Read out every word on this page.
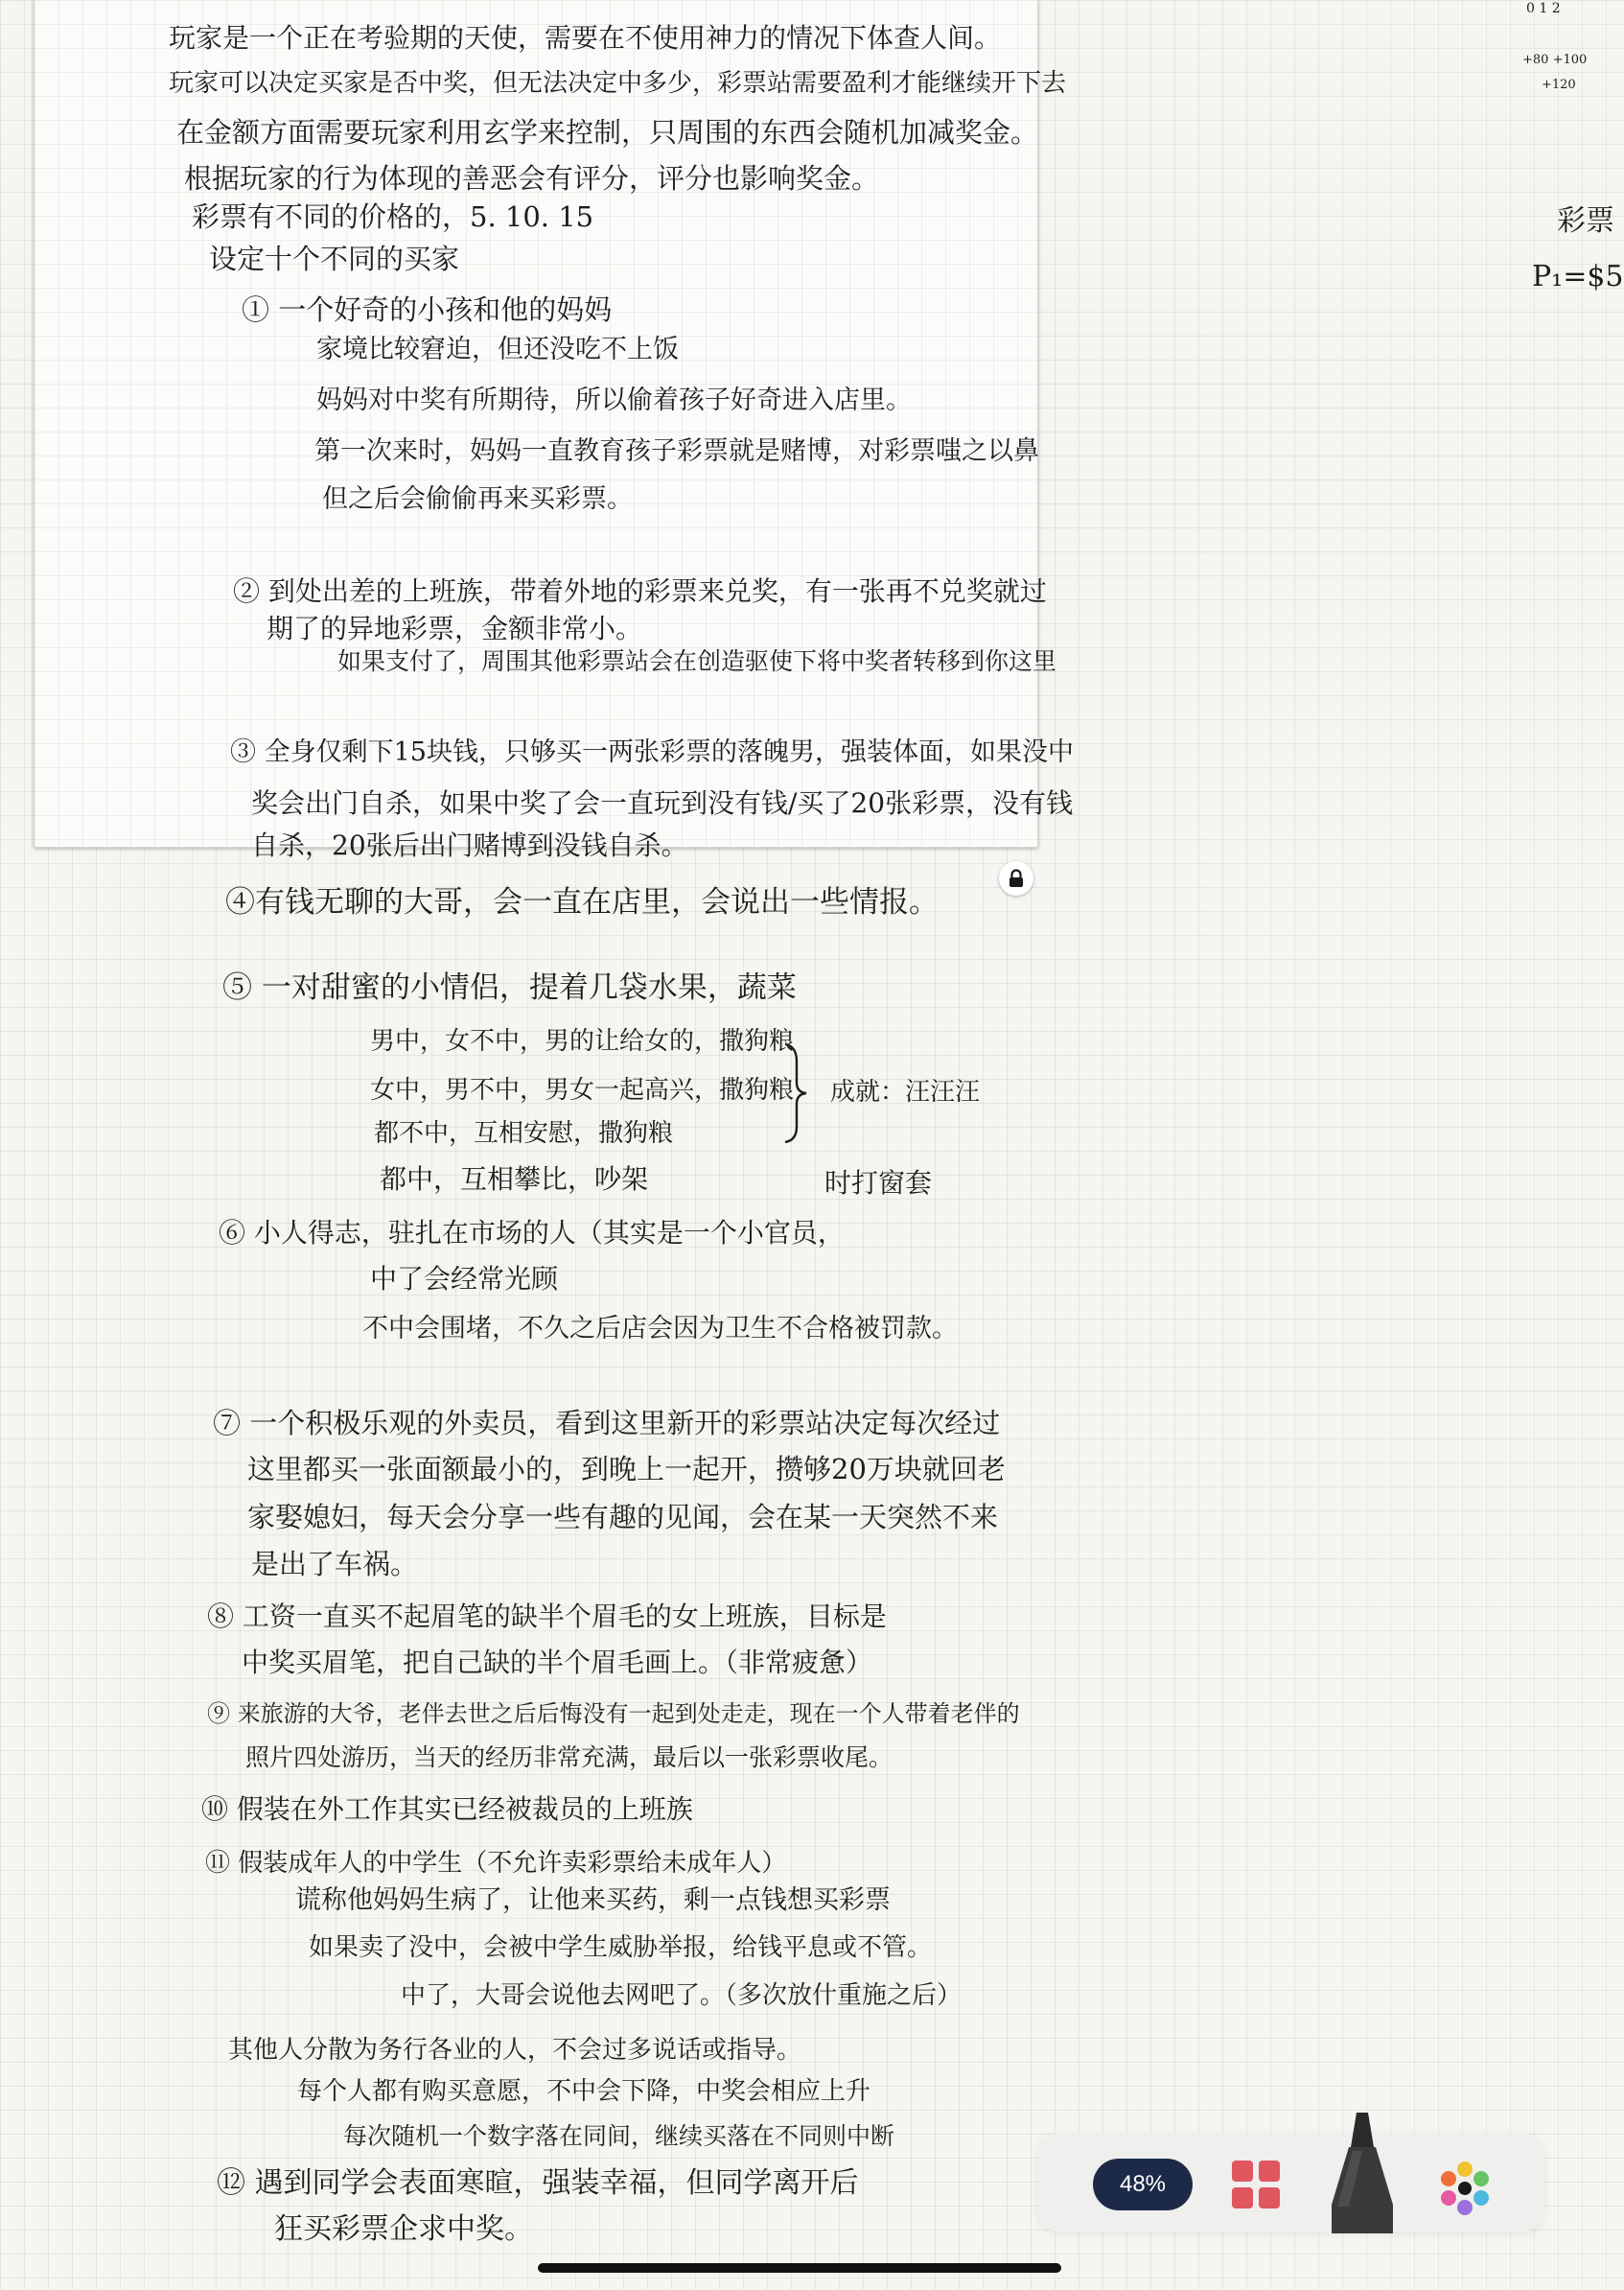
玩家是一个正在考验期的天使，需要在不使用神力的情况下体查人间。
玩家可以决定买家是否中奖，但无法决定中多少，彩票站需要盈利才能继续开下去
在金额方面需要玩家利用玄学来控制，只周围的东西会随机加减奖金。
根据玩家的行为体现的善恶会有评分，评分也影响奖金。
彩票有不同的价格的，5. 10. 15
设定十个不同的买家
① 一个好奇的小孩和他的妈妈
家境比较窘迫，但还没吃不上饭
妈妈对中奖有所期待，所以偷着孩子好奇进入店里。
第一次来时，妈妈一直教育孩子彩票就是赌博，对彩票嗤之以鼻
但之后会偷偷再来买彩票。
② 到处出差的上班族，带着外地的彩票来兑奖，有一张再不兑奖就过
期了的异地彩票，金额非常小。
如果支付了，周围其他彩票站会在创造驱使下将中奖者转移到你这里
③ 全身仅剩下15块钱，只够买一两张彩票的落魄男，强装体面，如果没中
奖会出门自杀，如果中奖了会一直玩到没有钱/买了20张彩票，没有钱
自杀，20张后出门赌博到没钱自杀。
④有钱无聊的大哥，会一直在店里，会说出一些情报。
⑤ 一对甜蜜的小情侣，提着几袋水果，蔬菜
男中，女不中，男的让给女的，撒狗粮
女中，男不中，男女一起高兴，撒狗粮
都不中，互相安慰，撒狗粮
都中，互相攀比，吵架
成就：汪汪汪
时打窗套
⑥ 小人得志，驻扎在市场的人（其实是一个小官员，
中了会经常光顾
不中会围堵，不久之后店会因为卫生不合格被罚款。
⑦ 一个积极乐观的外卖员，看到这里新开的彩票站决定每次经过
这里都买一张面额最小的，到晚上一起开，攒够20万块就回老
家娶媳妇，每天会分享一些有趣的见闻，会在某一天突然不来
是出了车祸。
⑧ 工资一直买不起眉笔的缺半个眉毛的女上班族，目标是
中奖买眉笔，把自己缺的半个眉毛画上。（非常疲惫）
⑨ 来旅游的大爷，老伴去世之后后悔没有一起到处走走，现在一个人带着老伴的
照片四处游历，当天的经历非常充满，最后以一张彩票收尾。
⑩ 假装在外工作其实已经被裁员的上班族
⑪ 假装成年人的中学生（不允许卖彩票给未成年人）
谎称他妈妈生病了，让他来买药，剩一点钱想买彩票
如果卖了没中，会被中学生威胁举报，给钱平息或不管。
中了，大哥会说他去网吧了。（多次放什重施之后）
其他人分散为务行各业的人，不会过多说话或指导。
每个人都有购买意愿，不中会下降，中奖会相应上升
每次随机一个数字落在同间，继续买落在不同则中断
⑫ 遇到同学会表面寒暄，强装幸福，但同学离开后
狂买彩票企求中奖。
0 1 2
+80 +100
+120
彩票
P₁=$5
48%
